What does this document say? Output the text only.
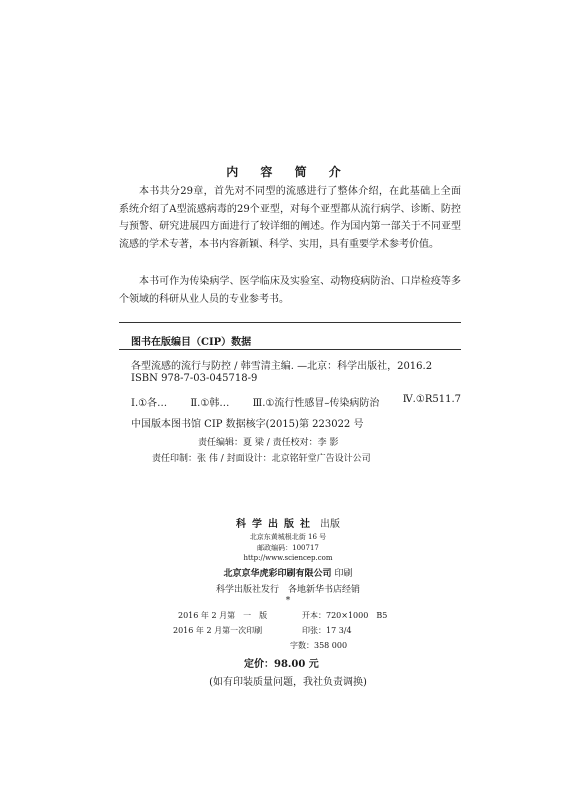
内 容 简 介

本书共分29章，首先对不同型的流感进行了整体介绍，在此基础上全面系统介绍了A型流感病毒的29个亚型，对每个亚型都从流行病学、诊断、防控与预警、研究进展四方面进行了较详细的阐述。作为国内第一部关于不同亚型流感的学术专著，本书内容新颖、科学、实用，具有重要学术参考价值。

本书可作为传染病学、医学临床及实验室、动物疫病防治、口岸检疫等多个领域的科研从业人员的专业参考书。

图书在版编目（CIP）数据
各型流感的流行与防控 / 韩雪清主编. —北京：科学出版社，2016.2
ISBN 978-7-03-045718-9
Ⅰ.①各… Ⅱ.①韩… Ⅲ.①流行性感冒–传染病防治 Ⅳ.①R511.7
中国版本图书馆 CIP 数据核字(2015)第 223022 号
责任编辑：夏 梁 / 责任校对：李 影
责任印制：张 伟 / 封面设计：北京铭轩堂广告设计公司
科学出版社 出版
北京东黄城根北街 16 号
邮政编码：100717
http://www.sciencep.com
北京京华虎彩印刷有限公司 印刷
科学出版社发行　各地新华书店经销
*
2016 年 2 月第　一　版	开本：720×1000　B5
2016 年 2 月第一次印刷	印张：17 3/4
字数：358 000
定价：98.00 元
(如有印装质量问题，我社负责调换)
